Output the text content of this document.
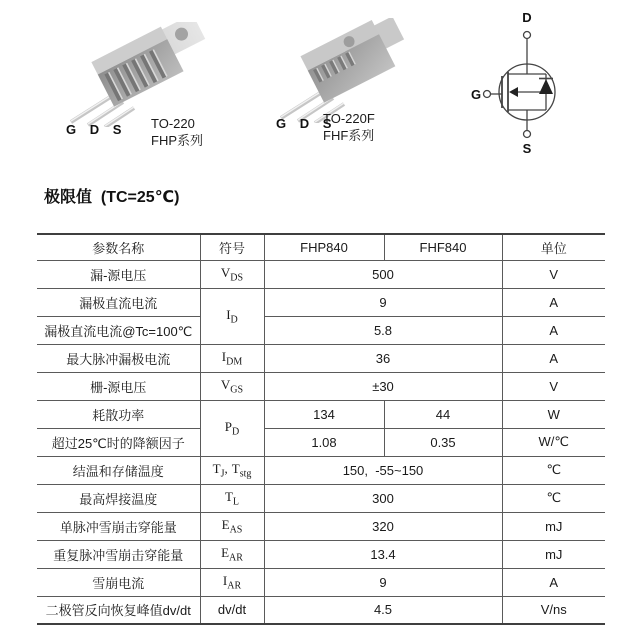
G D S TO-220
FHP系列
G D S
TO-220F
FHF系列
D
G
S
极限值  (TC=25℃)
参数名称	符号	FHP840	FHF840	单位
漏-源电压	$V_{DS}$	500		V
漏极直流电流	$I_D$	9		A
漏极直流电流@Tc=100℃		5.8		A
最大脉冲漏极电流	$I_{DM}$	36		A
栅-源电压	$V_{GS}$	±30		V
耗散功率	$P_D$	134	44	W
超过25℃时的降额因子		1.08	0.35	W/℃
结温和存储温度	$T_J$, $T_{stg}$	150,  -55~150		℃
最高焊接温度	$T_L$	300		℃
单脉冲雪崩击穿能量	$E_{AS}$	320		mJ
重复脉冲雪崩击穿能量	$E_{AR}$	13.4		mJ
雪崩电流	$I_{AR}$	9		A
二极管反向恢复峰值dv/dt	dv/dt	4.5		V/ns
